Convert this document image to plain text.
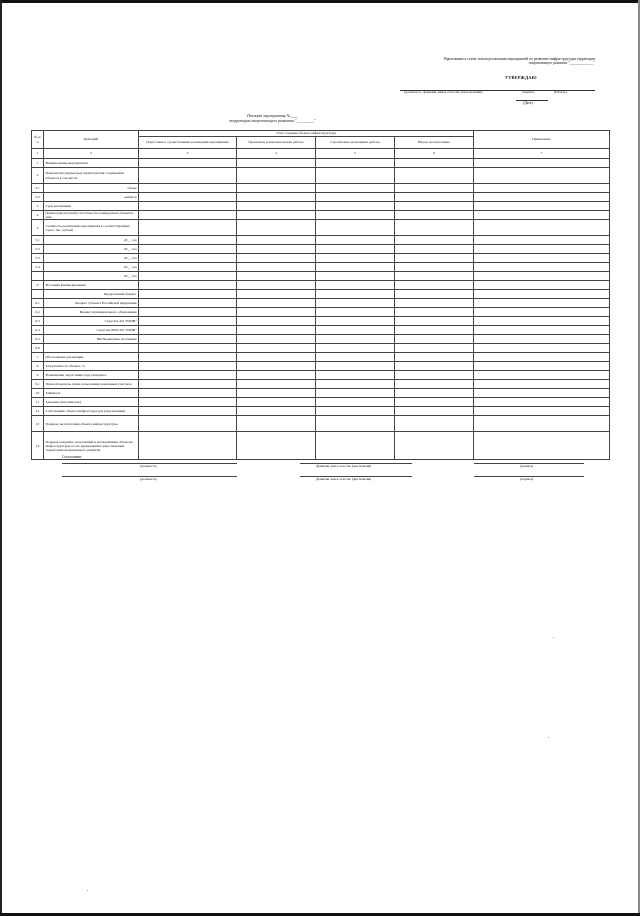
Приложение к схеме этапов реализации мероприятий по развитию инфраструктуры территории
опережающего развития "_____________"
УТВЕРЖДАЮ
(должность, фамилия, имя и отчество (при наличии)	подпись	(Печать)
(Дата)
Паспорт мероприятия №____
территории опережающего развития "_________"
№ п/п	Критерий	Этап создания объекта инфраструктуры				Примечание
		Подготовка к осуществлению реализации мероприятия	Проектные и изыскательские работы	Строительно-монтажные работы	Ввод в эксплуатацию	
1	2	3	4	5	6	7
1	Наименование мероприятия					
2	Показатели (параметры) характеристик создаваемых объектов в том числе:					
2.1	объем					
2.2	диаметр					
3	Срок реализации					
4	Оценка (пропускной) способности планируемых объектов, млн.					
5	Стоимость реализации мероприятия в соответствующих годах, тыс. рублей					
5.1	20__ год					
5.2	20__ год					
5.3	20__ год					
5.4	20__ год					
	20__ год					
6	Источник финансирования					
	Федеральный бюджет					
6.1	Бюджет субъекта Российской Федерации					
6.2	Бюджет муниципального образования					
6.3	Средства АО "КРДВ"					
6.4	Средства ДВО АО "КРДВ"					
6.5	Внебюджетные источники					
6.6						
7	Обоснование реализации					
8	Загруженность объекта, %					
9	Возмещение затрат инвестору резидента					
9.1	Правообладатель права пользования земельным участком					
10	Заявитель					
11	Заказчик (исполнитель)					
12	Собственник объекта инфраструктуры (при наличии)					
13	Порядок эксплуатации объекта инфраструктуры					
14	Порядок владения, пользования и распоряжения объектом инфраструктуры после прекращения существования территории опережающего развития					
Согласовано:
(должность)	(фамилия, имя и отчество (при наличии)	(подпись)
(должность)	(фамилия, имя и отчество (при наличии)	(подпись)
